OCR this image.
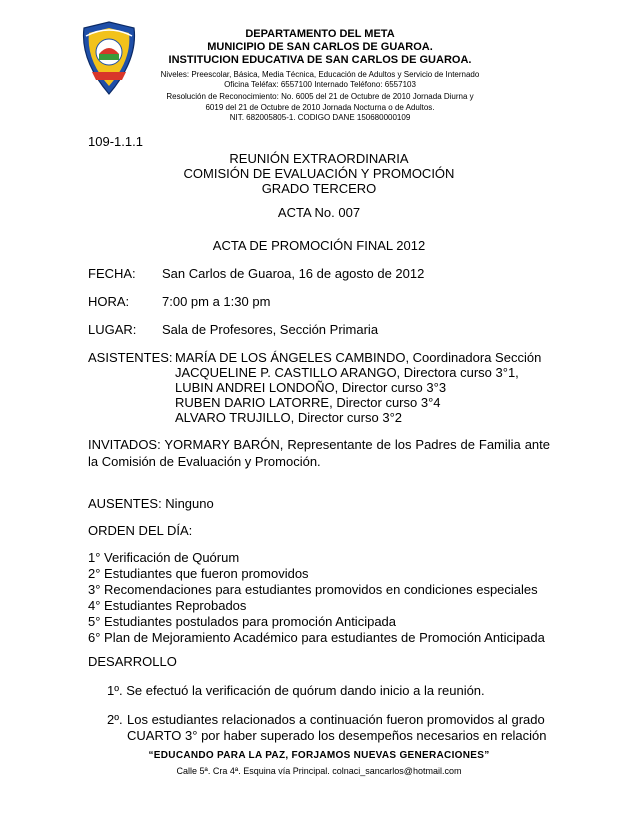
DEPARTAMENTO DEL META
MUNICIPIO DE SAN CARLOS DE GUAROA.
INSTITUCION EDUCATIVA DE SAN CARLOS DE GUAROA.
Niveles: Preescolar, Básica, Media Técnica, Educación de Adultos y Servicio de Internado
Oficina Teléfax: 6557100 Internado Teléfono: 6557103
Resolución de Reconocimiento: No. 6005 del 21 de Octubre de 2010 Jornada Diurna y
6019 del 21 de Octubre de 2010 Jornada Nocturna o de Adultos.
NIT. 682005805-1. CODIGO DANE 150680000109
109-1.1.1
REUNIÓN EXTRAORDINARIA
COMISIÓN DE EVALUACIÓN Y PROMOCIÓN
GRADO TERCERO
ACTA No. 007
ACTA DE PROMOCIÓN FINAL 2012
FECHA: San Carlos de Guaroa, 16 de agosto de 2012
HORA:	7:00 pm a 1:30 pm
LUGAR: Sala de Profesores, Sección Primaria
ASISTENTES: MARÍA DE LOS ÁNGELES CAMBINDO, Coordinadora Sección
JACQUELINE P. CASTILLO ARANGO, Directora curso 3°1,
LUBIN ANDREI LONDOÑO, Director curso 3°3
RUBEN DARIO LATORRE, Director curso 3°4
ALVARO TRUJILLO, Director curso 3°2
INVITADOS: YORMARY BARÓN, Representante de los Padres de Familia ante la Comisión de Evaluación y Promoción.
AUSENTES: Ninguno
ORDEN DEL DÍA:
1° Verificación de Quórum
2° Estudiantes que fueron promovidos
3° Recomendaciones para estudiantes promovidos en condiciones especiales
4° Estudiantes Reprobados
5° Estudiantes postulados para promoción Anticipada
6° Plan de Mejoramiento Académico para estudiantes de Promoción Anticipada
DESARROLLO
1º. Se efectuó la verificación de quórum dando inicio a la reunión.
2º. Los estudiantes relacionados a continuación fueron promovidos al grado
CUARTO 3° por haber superado los desempeños necesarios en relación
“EDUCANDO PARA LA PAZ, FORJAMOS NUEVAS GENERACIONES”
Calle 5ª. Cra 4ª. Esquina vía Principal. colnaci_sancarlos@hotmail.com
